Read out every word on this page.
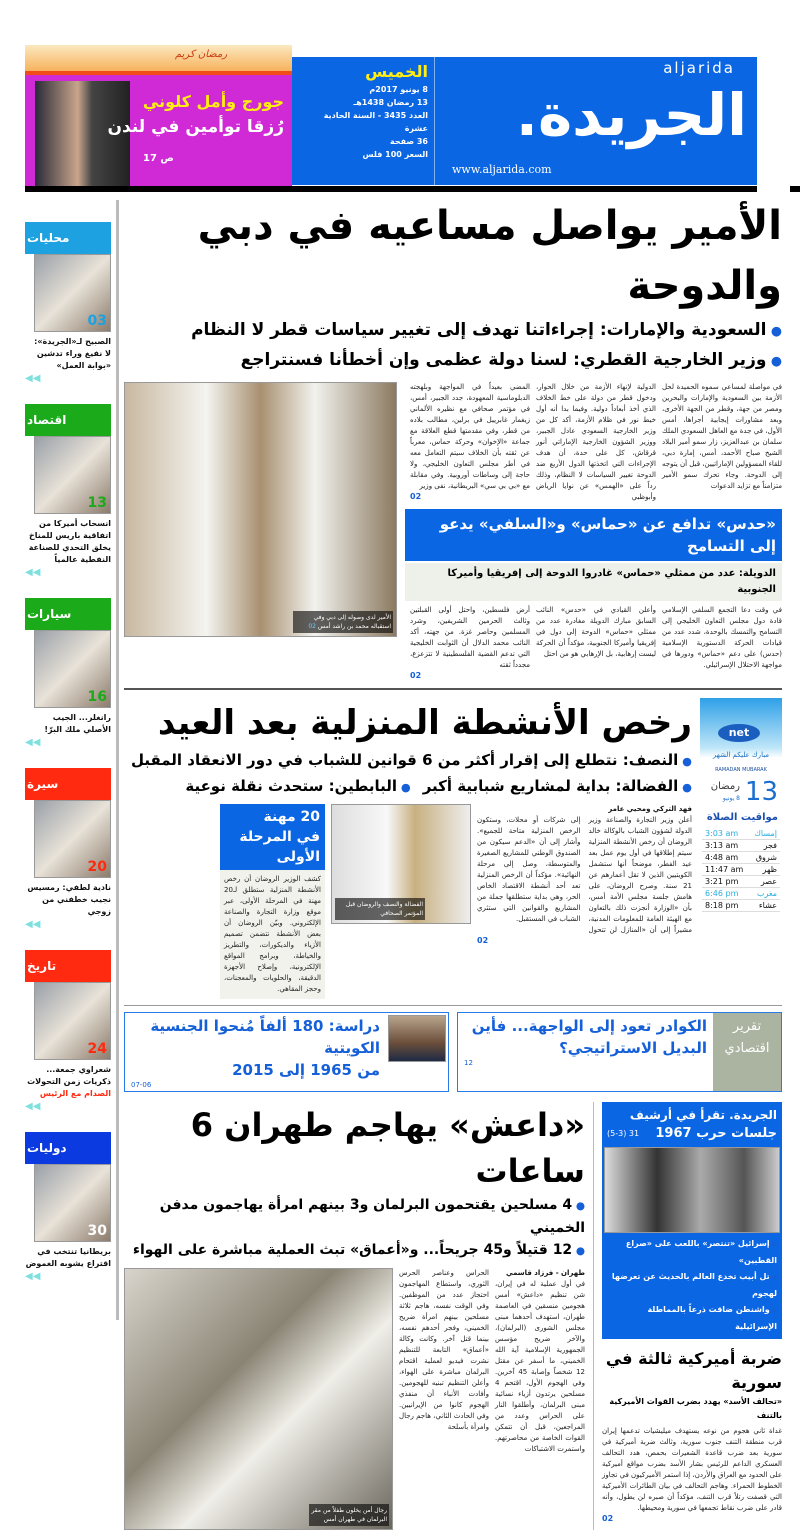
رمضان كريم
جورج وأمل كلوني
رُزقا توأمين في لندن
ص 17
الخميس
8 يونيو 2017م
13 رمضان 1438هـ
العدد 3435 - السنة الحادية عشرة
36 صفحة
السعر 100 فلس
aljarida
الجريدة.
www.aljarida.com
محليات
03
الصبيح لـ«الجريدة»:
لا نفيغ وراء تدشين «بوابة العمل»
◀◀
اقتصاد
13
انسحاب أميركا من اتفاقية باريس للمناخ يخلق التحدي للصناعة النفطية عالمياً
◀◀
سيارات
16
رانغلر... الجيب الأصلي ملك البرّ!
◀◀
سيرة
20
نادية لطفي: رمسيس نجيب خطفني من زوجي
◀◀
تاريخ
24
شعراوي جمعة... ذكريات زمن التحولات
الصدام مع الرئيس
◀◀
دوليات
30
بريطانيا تنتخب في اقتراع يشوبه الغموض
◀◀
الأمير يواصل مساعيه في دبي والدوحة
● السعودية والإمارات: إجراءاتنا تهدف إلى تغيير سياسات قطر لا النظام
● وزير الخارجية القطري: لسنا دولة عظمى وإن أخطأنا فسنتراجع
في مواصلة لمساعي سموه الحميدة لحل الأزمة بين السعودية والإمارات والبحرين ومصر من جهة، وقطر من الجهة الأخرى، وبعد مشاورات إيجابية أجراها، أمس الأول، في جدة مع العاهل السعودي الملك سلمان بن عبدالعزيز، زار سمو أمير البلاد الشيخ صباح الأحمد، أمس، إمارة دبي، للقاء المسؤولين الإماراتيين، قبل أن يتوجه إلى الدوحة. وجاء تحرك سمو الأمير متزامناً مع تزايد الدعوات
الدولية لإنهاء الأزمة من خلال الحوار، ودخول قطر من دولة على خط الخلاف الذي أخذ أبعاداً دولية. وفيما بدا أنه أول خيط نور في ظلام الأزمة، أكد كل من وزير الخارجية السعودي عادل الجبير، ووزير الشؤون الخارجية الإماراتي أنور قرقاش، كل على حدة، أن هدف الإجراءات التي اتخذتها الدول الأربع ضد الدوحة تغيير السياسات لا النظام، وذلك رداً على «الهمس» عن نوايا الرياض وأبوظبي
المضي بعيداً في المواجهة وبلهجته الدبلوماسية المعهودة، جدد الجبير، أمس، في مؤتمر صحافي مع نظيره الألماني زيغمار غابرييل في برلين، مطالب بلاده من قطر، وفي مقدمتها قطع العلاقة مع جماعة «الإخوان» وحركة حماس، معرباً عن ثقته بأن الخلاف سيتم التعامل معه في أطر مجلس التعاون الخليجي، ولا حاجة إلى وساطات أوروبية. وفي مقابلة مع «بي بي سي» البريطانية، نفى وزير
02
«حدس» تدافع عن «حماس» و«السلفي» يدعو إلى التسامح
الدويلة: عدد من ممثلي «حماس» غادروا الدوحة إلى إفريقيا وأميركا الجنوبية
في وقت دعا التجمع السلفي الإسلامي قادة دول مجلس التعاون الخليجي إلى التسامح والتمسك بالوحدة، شدد عدد من قيادات الحركة الدستورية الإسلامية (حدس) على دعم «حماس» ودورها في مواجهة الاحتلال الإسرائيلي.
وأعلن القيادي في «حدس» النائب السابق مبارك الدويلة مغادرة عدد من ممثلي «حماس» الدوحة إلى دول في إفريقيا وأميركا الجنوبية، مؤكداً أن الحركة ليست إرهابية، بل الإرهابي هو من احتل
أرض فلسطين، واحتل أولى القبلتين وثالث الحرمين الشريفين، وشرد المسلمين وحاصر غزة. من جهته، أكد النائب محمد الدلال أن الثوابت الخليجية التي تدعم القضية الفلسطينية لا تتزعزع، مجدداً ثقته
02
الأمير لدى وصوله إلى دبي وفي استقباله محمد بن راشد أمس 02
net
مبارك عليكم الشهر
RAMADAN MUBARAK
13
رمضان
8 يونيو
مواقيت الصلاة
إمساك
3:03 am
فجر
3:13 am
شروق
4:48 am
ظهر
11:47 am
عصر
3:21 pm
مغرب
6:46 pm
عشاء
8:18 pm
رخص الأنشطة المنزلية بعد العيد
● النصف: نتطلع إلى إقرار أكثر من 6 قوانين للشباب في دور الانعقاد المقبل
● الفضالة: بداية لمشاريع شبابية أكبر
● البابطين: ستحدث نقلة نوعية
فهد التركي ومحيي عامر
أعلن وزير التجارة والصناعة وزير الدولة لشؤون الشباب بالوكالة خالد الروضان أن رخص الأنشطة المنزلية سيتم إطلاقها في أول يوم عمل بعد عيد الفطر، موضحاً أنها ستشمل الكويتيين الذين لا تقل أعمارهم عن 21 سنة. وصرح الروضان، على هامش جلسة مجلس الأمة أمس، بأن «الوزارة أنجزت ذلك بالتعاون مع الهيئة العامة للمعلومات المدنية، مشيراً إلى أن «المنازل لن تتحول إلى شركات أو محلات، وستكون الرخص المنزلية متاحة للجميع». وأشار إلى أن «الدعم سيكون من الصندوق الوطني للمشاريع الصغيرة والمتوسطة، وصل إلى مرحلة النهائية». مؤكداً أن الرخص المنزلية تعد أحد أنشطة الاقتصاد الخاص الحر، وهي بداية ستطلقها جملة من المشاريع والقوانين التي ستثري الشباب في المستقبل.
02
الفضالة والنصف والروضان قبل المؤتمر الصحافي
20 مهنة
في المرحلة الأولى
كشف الوزير الروضان أن رخص الأنشطة المنزلية ستطلق لـ20 مهنة في المرحلة الأولى، عبر موقع وزارة التجارة والصناعة الإلكتروني. وبيّن الروضان أن بعض الأنشطة تتضمن تصميم الأزياء والديكورات، والتطريز والخياطة، وبرامج المواقع الإلكترونية، وإصلاح الأجهزة الدقيقة، والحلويات والمعجنات، وحجز المقاهي.
تقرير
اقتصادي
الكوادر تعود إلى الواجهة... فأين
البديل الاستراتيجي؟
12
دراسة: 180 ألفاً مُنحوا الجنسية الكويتية
من 1965 إلى 2015
07-06
الجريدة. تقرأ في أرشيف
جلسات حرب 1967
31 (5-3)
● إسرائيل «تنتصر» باللعب على «صراع القطبين»
● تل أبيب تخدع العالم بالحديث عن تعرضها لهجوم
● واشنطن ضاقت ذرعاً بالمماطلة الإسرائيلية
ضربة أميركية ثالثة في سورية
«تحالف الأسد» يهدد بضرب القوات الأميركية بالتنف
غداة ثاني هجوم من نوعه يستهدف ميليشيات تدعمها إيران قرب منطقة التنف جنوب سورية، وثالث ضربة أميركية في سورية بعد ضرب قاعدة الشعيرات بحمص، هدد التحالف العسكري الداعم للرئيس بشار الأسد بضرب مواقع أميركية على الحدود مع العراق والأردن، إذا استمر الأميركيون في تجاوز الخطوط الحمراء. وهاجم التحالف في بيان الطائرات الأميركية التي قصفت رتلاً قرب التنف، مؤكداً أن صبره لن يطول، وأنه قادر على ضرب نقاط تجمعها في سورية ومحيطها.
02
«داعش» يهاجم طهران 6 ساعات
● 4 مسلحين يقتحمون البرلمان و3 بينهم امرأة يهاجمون مدفن الخميني
● 12 قتيلاً و45 جريحاً... و«أعماق» تبث العملية مباشرة على الهواء
طهران - فرزاد قاسمي
في أول عملية له في إيران، شن تنظيم «داعش» أمس هجومين منسقين في العاصمة طهران، استهدف أحدهما مبنى مجلس الشورى (البرلمان)، والآخر ضريح مؤسس الجمهورية الإسلامية آية الله الخميني، ما أسفر عن مقتل 12 شخصاً وإصابة 45 آخرين. وفي الهجوم الأول، اقتحم 4 مسلحين يرتدون أزياء نسائية مبنى البرلمان، وأطلقوا النار على الحراس وعدد من المراجعين، قبل أن تتمكن القوات الخاصة من محاصرتهم. واستمرت الاشتباكات
الحراس وعناصر الحرس الثوري، واستطاع المهاجمون احتجاز عدد من الموظفين. وفي الوقت نفسه، هاجم ثلاثة مسلحين بينهم امرأة ضريح الخميني، وفجر أحدهم نفسه، بينما قتل آخر. وكانت وكالة «أعماق» التابعة للتنظيم نشرت فيديو لعملية اقتحام البرلمان مباشرة على الهواء، وأعلن التنظيم تبنيه للهجومين. وأفادت الأنباء أن منفذي الهجوم كانوا من الإيرانيين. وفي الحادث الثاني، هاجم رجال وامرأة بأسلحة
رجال أمن يخلون طفلاً من مقر البرلمان في طهران أمس
